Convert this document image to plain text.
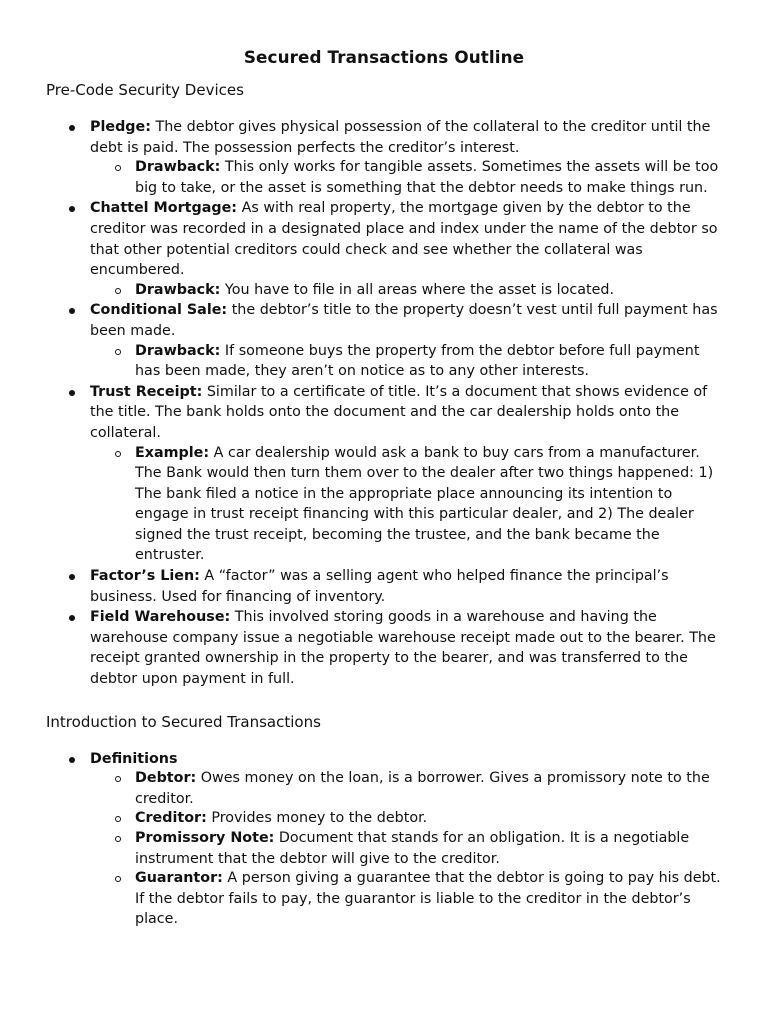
Secured Transactions Outline
Pre-Code Security Devices
Pledge: The debtor gives physical possession of the collateral to the creditor until the debt is paid. The possession perfects the creditor’s interest.
Drawback: This only works for tangible assets. Sometimes the assets will be too big to take, or the asset is something that the debtor needs to make things run.
Chattel Mortgage: As with real property, the mortgage given by the debtor to the creditor was recorded in a designated place and index under the name of the debtor so that other potential creditors could check and see whether the collateral was encumbered.
Drawback: You have to file in all areas where the asset is located.
Conditional Sale: the debtor’s title to the property doesn’t vest until full payment has been made.
Drawback: If someone buys the property from the debtor before full payment has been made, they aren’t on notice as to any other interests.
Trust Receipt: Similar to a certificate of title. It’s a document that shows evidence of the title. The bank holds onto the document and the car dealership holds onto the collateral.
Example: A car dealership would ask a bank to buy cars from a manufacturer. The Bank would then turn them over to the dealer after two things happened: 1) The bank filed a notice in the appropriate place announcing its intention to engage in trust receipt financing with this particular dealer, and 2) The dealer signed the trust receipt, becoming the trustee, and the bank became the entruster.
Factor’s Lien: A “factor” was a selling agent who helped finance the principal’s business. Used for financing of inventory.
Field Warehouse: This involved storing goods in a warehouse and having the warehouse company issue a negotiable warehouse receipt made out to the bearer. The receipt granted ownership in the property to the bearer, and was transferred to the debtor upon payment in full.
Introduction to Secured Transactions
Definitions
Debtor: Owes money on the loan, is a borrower. Gives a promissory note to the creditor.
Creditor: Provides money to the debtor.
Promissory Note: Document that stands for an obligation. It is a negotiable instrument that the debtor will give to the creditor.
Guarantor: A person giving a guarantee that the debtor is going to pay his debt. If the debtor fails to pay, the guarantor is liable to the creditor in the debtor’s place.
